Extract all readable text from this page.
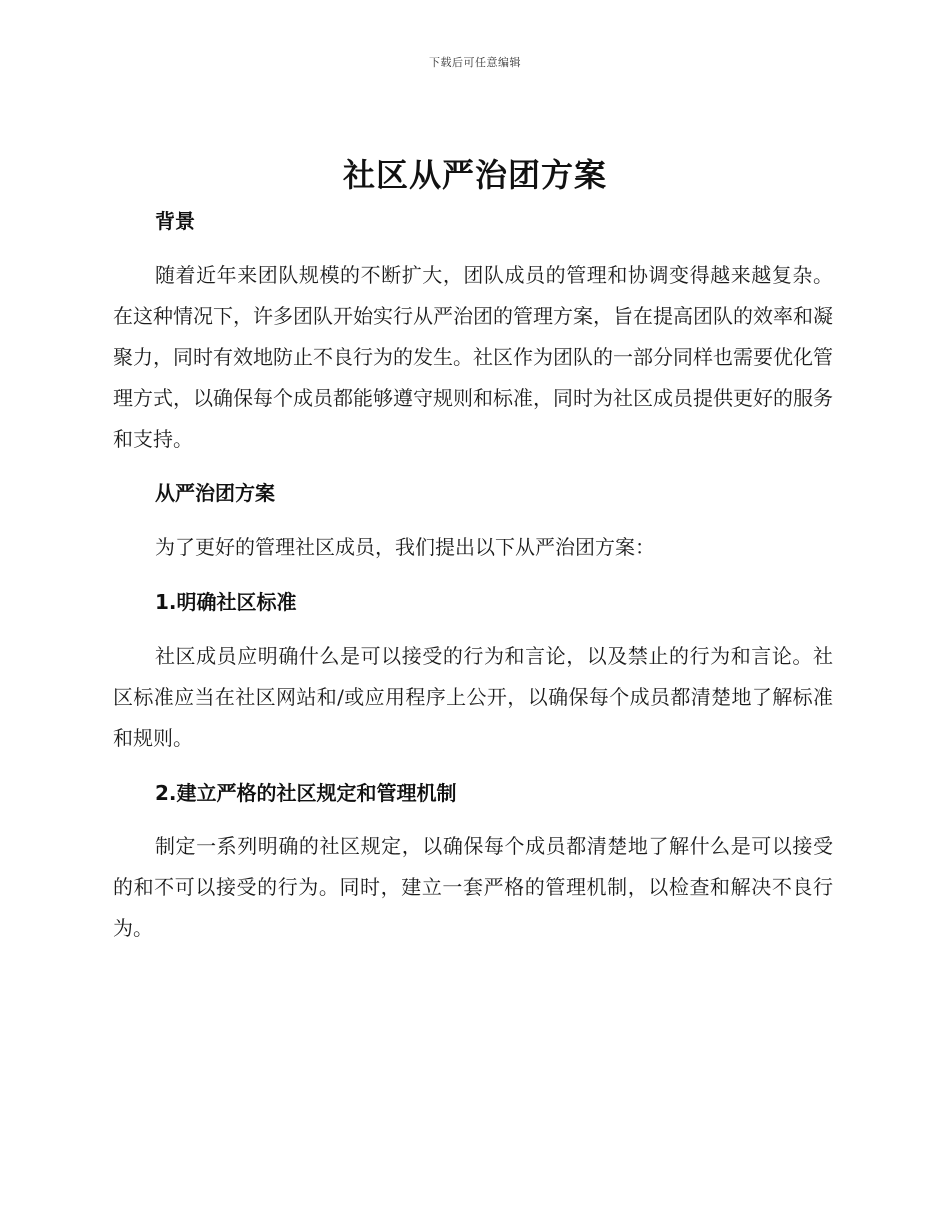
下载后可任意编辑
社区从严治团方案
背景

随着近年来团队规模的不断扩大，团队成员的管理和协调变得越来越复杂。在这种情况下，许多团队开始实行从严治团的管理方案，旨在提高团队的效率和凝聚力，同时有效地防止不良行为的发生。社区作为团队的一部分同样也需要优化管理方式，以确保每个成员都能够遵守规则和标准，同时为社区成员提供更好的服务和支持。

从严治团方案

为了更好的管理社区成员，我们提出以下从严治团方案：

1.明确社区标准

社区成员应明确什么是可以接受的行为和言论，以及禁止的行为和言论。社区标准应当在社区网站和/或应用程序上公开，以确保每个成员都清楚地了解标准和规则。

2.建立严格的社区规定和管理机制

制定一系列明确的社区规定，以确保每个成员都清楚地了解什么是可以接受的和不可以接受的行为。同时，建立一套严格的管理机制，以检查和解决不良行为。
